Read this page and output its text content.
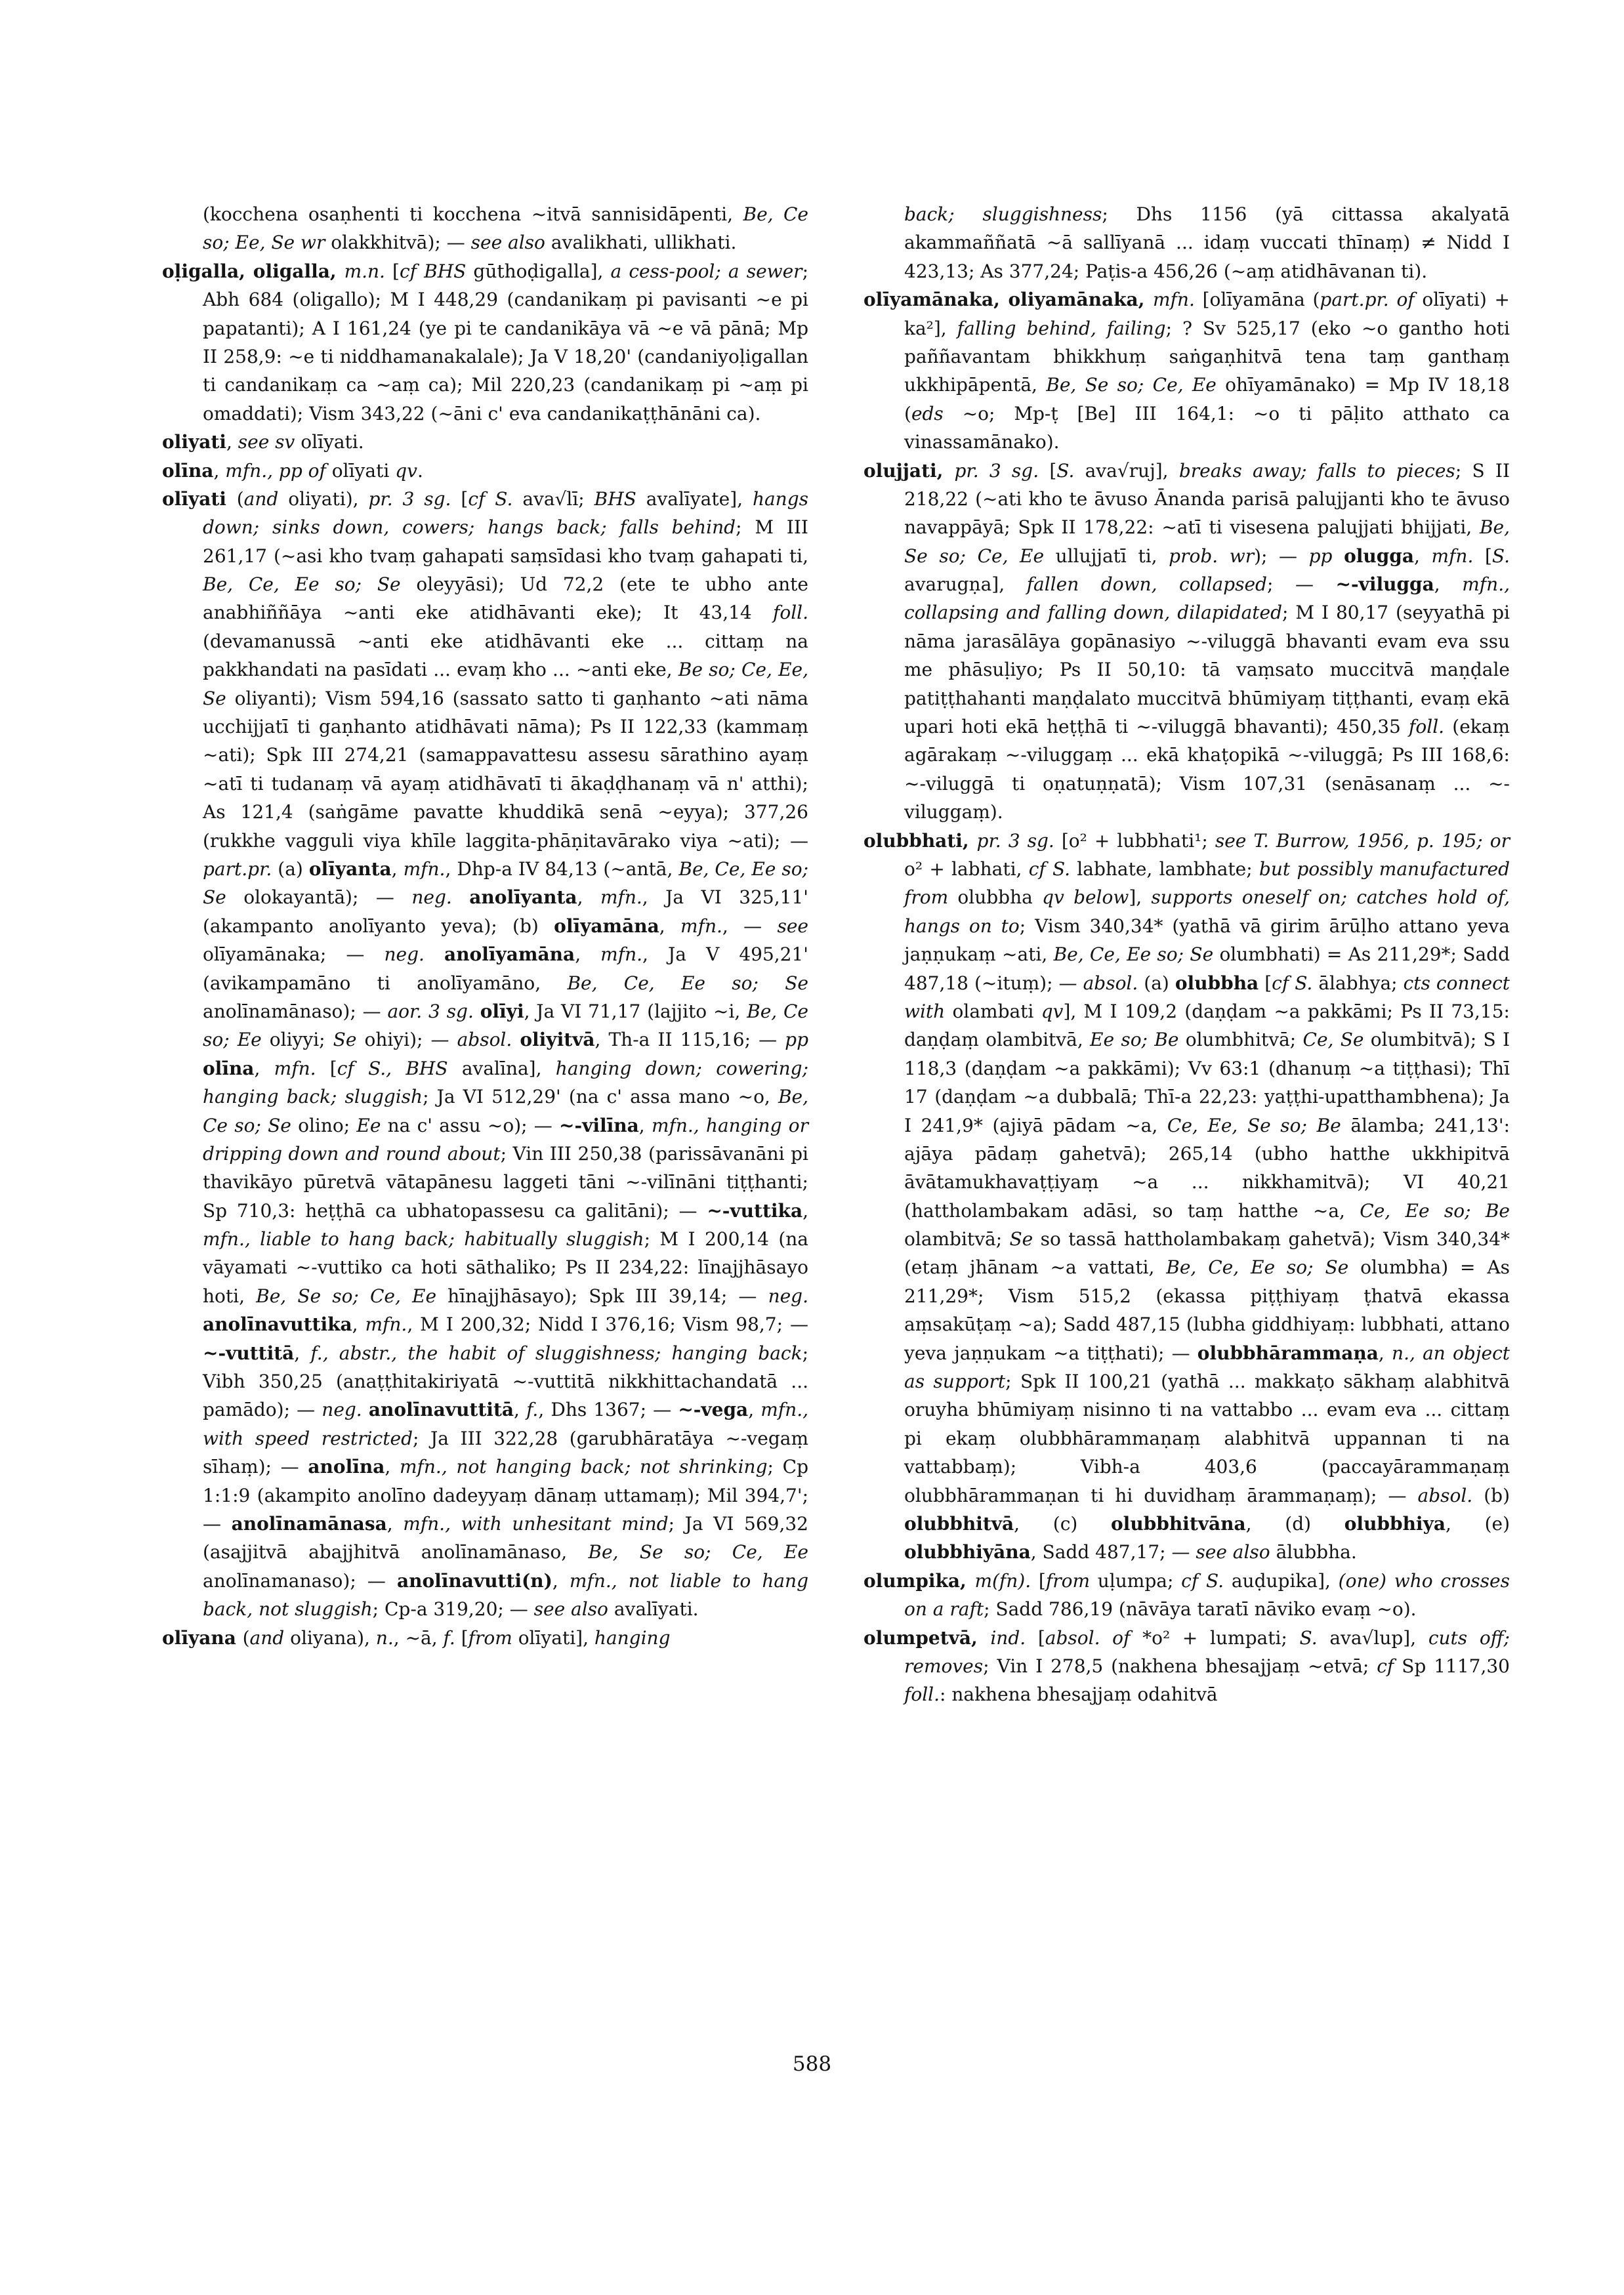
(kocchena osaṇhenti ti kocchena ~itvā sannisidāpenti, Be, Ce so; Ee, Se wr olakkhitvā); — see also avalikhati, ullikhati.

oḷigalla, oligalla, m.n. [cf BHS gūthoḍigalla], a cess-pool; a sewer; Abh 684 (oligallo); M I 448,29 (candanikaṃ pi pavisanti ~e pi papatanti); A I 161,24 (ye pi te candanikāya vā ~e vā pānā; Mp II 258,9: ~e ti niddhamanakalale); Ja V 18,20' (candaniyoḷigallan ti candanikaṃ ca ~aṃ ca); Mil 220,23 (candanikaṃ pi ~aṃ pi omaddati); Vism 343,22 (~āni c' eva candanikaṭṭhānāni ca).

oliyati, see sv olīyati.

olīna, mfn., pp of olīyati qv.

olīyati (and oliyati), pr. 3 sg. [cf S. ava√lī; BHS avalīyate], hangs down; sinks down, cowers; hangs back; falls behind; M III 261,17 (~asi kho tvaṃ gahapati saṃsīdasi kho tvaṃ gahapati ti, Be, Ce, Ee so; Se oleyyāsi); Ud 72,2 (ete te ubho ante anabhiññāya ~anti eke atidhāvanti eke); It 43,14 foll. (devamanussā ~anti eke atidhāvanti eke ... cittaṃ na pakkhandati na pasīdati ... evaṃ kho ... ~anti eke, Be so; Ce, Ee, Se oliyanti); Vism 594,16 (sassato satto ti gaṇhanto ~ati nāma ucchijjatī ti gaṇhanto atidhāvati nāma); Ps II 122,33 (kammaṃ ~ati); Spk III 274,21 (samappavattesu assesu sārathino ayaṃ ~atī ti tudanaṃ vā ayaṃ atidhāvatī ti ākaḍḍhanaṃ vā n' atthi); As 121,4 (saṅgāme pavatte khuddikā senā ~eyya); 377,26 (rukkhe vagguli viya khīle laggita-phāṇitavārako viya ~ati); — part.pr. (a) olīyanta, mfn., Dhp-a IV 84,13 (~antā, Be, Ce, Ee so; Se olokayantā); — neg. anolīyanta, mfn., Ja VI 325,11' (akampanto anolīyanto yeva); (b) olīyamāna, mfn., — see olīyamānaka; — neg. anolīyamāna, mfn., Ja V 495,21' (avikampamāno ti anolīyamāno, Be, Ce, Ee so; Se anolīnamānaso); — aor. 3 sg. olīyi, Ja VI 71,17 (lajjito ~i, Be, Ce so; Ee oliyyi; Se ohiyi); — absol. oliyitvā, Th-a II 115,16; — pp olīna, mfn. [cf S., BHS avalīna], hanging down; cowering; hanging back; sluggish; Ja VI 512,29' (na c' assa mano ~o, Be, Ce so; Se olino; Ee na c' assu ~o); — ~-vilīna, mfn., hanging or dripping down and round about; Vin III 250,38 (parissāvanāni pi thavikāyo pūretvā vātapānesu laggeti tāni ~-vilīnāni tiṭṭhanti; Sp 710,3: heṭṭhā ca ubhatopassesu ca galitāni); — ~-vuttika, mfn., liable to hang back; habitually sluggish; M I 200,14 (na vāyamati ~-vuttiko ca hoti sāthaliko; Ps II 234,22: līnajjhāsayo hoti, Be, Se so; Ce, Ee hīnajjhāsayo); Spk III 39,14; — neg. anolīnavuttika, mfn., M I 200,32; Nidd I 376,16; Vism 98,7; — ~-vuttitā, f., abstr., the habit of sluggishness; hanging back; Vibh 350,25 (anaṭṭhitakiriyatā ~-vuttitā nikkhittachandatā ... pamādo); — neg. anolīnavuttitā, f., Dhs 1367; — ~-vega, mfn., with speed restricted; Ja III 322,28 (garubhāratāya ~-vegaṃ sīhaṃ); — anolīna, mfn., not hanging back; not shrinking; Cp 1:1:9 (akampito anolīno dadeyyaṃ dānaṃ uttamaṃ); Mil 394,7'; — anolīnamānasa, mfn., with unhesitant mind; Ja VI 569,32 (asajjitvā abajjhitvā anolīnamānaso, Be, Se so; Ce, Ee anolīnamanaso); — anolīnavutti(n), mfn., not liable to hang back, not sluggish; Cp-a 319,20; — see also avalīyati.

olīyana (and oliyana), n., ~ā, f. [from olīyati], hanging

back; sluggishness; Dhs 1156 (yā cittassa akalyatā akammaññatā ~ā sallīyanā ... idaṃ vuccati thīnaṃ) ≠ Nidd I 423,13; As 377,24; Paṭis-a 456,26 (~aṃ atidhāvanan ti).

olīyamānaka, oliyamānaka, mfn. [olīyamāna (part.pr. of olīyati) + ka²], falling behind, failing; ? Sv 525,17 (eko ~o gantho hoti paññavantam bhikkhuṃ saṅgaṇhitvā tena taṃ ganthaṃ ukkhipāpentā, Be, Se so; Ce, Ee ohīyamānako) = Mp IV 18,18 (eds ~o; Mp-ṭ [Be] III 164,1: ~o ti pāḷito atthato ca vinassamānako).

olujjati, pr. 3 sg. [S. ava√ruj], breaks away; falls to pieces; S II 218,22 (~ati kho te āvuso Ānanda parisā palujjanti kho te āvuso navappāyā; Spk II 178,22: ~atī ti visesena palujjati bhijjati, Be, Se so; Ce, Ee ullujjatī ti, prob. wr); — pp olugga, mfn. [S. avarugṇa], fallen down, collapsed; — ~-vilugga, mfn., collapsing and falling down, dilapidated; M I 80,17 (seyyathā pi nāma jarasālāya gopānasiyo ~-viluggā bhavanti evam eva ssu me phāsuḷiyo; Ps II 50,10: tā vaṃsato muccitvā maṇḍale patiṭṭhahanti maṇḍalato muccitvā bhūmiyaṃ tiṭṭhanti, evaṃ ekā upari hoti ekā heṭṭhā ti ~-viluggā bhavanti); 450,35 foll. (ekaṃ agārakaṃ ~-viluggaṃ ... ekā khaṭopikā ~-viluggā; Ps III 168,6: ~-viluggā ti oṇatuṇṇatā); Vism 107,31 (senāsanaṃ ... ~-viluggaṃ).

olubbhati, pr. 3 sg. [o² + lubbhati¹; see T. Burrow, 1956, p. 195; or o² + labhati, cf S. labhate, lambhate; but possibly manufactured from olubbha qv below], supports oneself on; catches hold of, hangs on to; Vism 340,34* (yathā vā girim ārūḷho attano yeva jaṇṇukaṃ ~ati, Be, Ce, Ee so; Se olumbhati) = As 211,29*; Sadd 487,18 (~ituṃ); — absol. (a) olubbha [cf S. ālabhya; cts connect with olambati qv], M I 109,2 (daṇḍam ~a pakkāmi; Ps II 73,15: daṇḍaṃ olambitvā, Ee so; Be olumbhitvā; Ce, Se olumbitvā); S I 118,3 (daṇḍam ~a pakkāmi); Vv 63:1 (dhanuṃ ~a tiṭṭhasi); Thī 17 (daṇḍam ~a dubbalā; Thī-a 22,23: yaṭṭhi-upatthambhena); Ja I 241,9* (ajiyā pādam ~a, Ce, Ee, Se so; Be ālamba; 241,13': ajāya pādaṃ gahetvā); 265,14 (ubho hatthe ukkhipitvā āvātamukhavaṭṭiyaṃ ~a ... nikkhamitvā); VI 40,21 (hattholambakam adāsi, so taṃ hatthe ~a, Ce, Ee so; Be olambitvā; Se so tassā hattholambakaṃ gahetvā); Vism 340,34* (etaṃ jhānam ~a vattati, Be, Ce, Ee so; Se olumbha) = As 211,29*; Vism 515,2 (ekassa piṭṭhiyaṃ ṭhatvā ekassa aṃsakūṭaṃ ~a); Sadd 487,15 (lubha giddhiyaṃ: lubbhati, attano yeva jaṇṇukam ~a tiṭṭhati); — olubbhārammaṇa, n., an object as support; Spk II 100,21 (yathā ... makkaṭo sākhaṃ alabhitvā oruyha bhūmiyaṃ nisinno ti na vattabbo ... evam eva ... cittaṃ pi ekaṃ olubbhārammaṇaṃ alabhitvā uppannan ti na vattabbaṃ); Vibh-a 403,6 (paccayārammaṇaṃ olubbhārammaṇan ti hi duvidhaṃ ārammaṇaṃ); — absol. (b) olubbhitvā, (c) olubbhitvāna, (d) olubbhiya, (e) olubbhiyāna, Sadd 487,17; — see also ālubbha.

olumpika, m(fn). [from uḷumpa; cf S. auḍupika], (one) who crosses on a raft; Sadd 786,19 (nāvāya taratī nāviko evaṃ ~o).

olumpetvā, ind. [absol. of *o² + lumpati; S. ava√lup], cuts off; removes; Vin I 278,5 (nakhena bhesajjaṃ ~etvā; cf Sp 1117,30 foll.: nakhena bhesajjaṃ odahitvā

588
